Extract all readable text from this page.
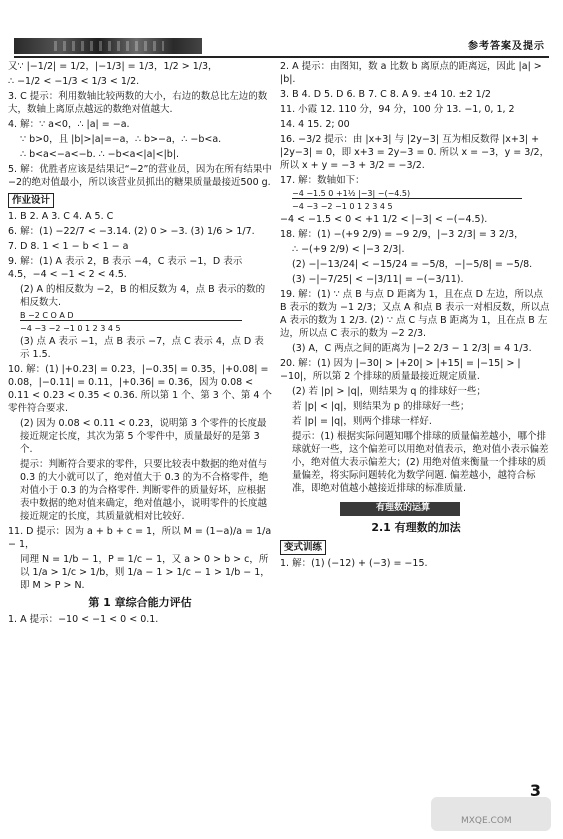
参考答案及提示

又∵ |−1/2| = 1/2，|−1/3| = 1/3，1/2 > 1/3，

∴ −1/2 < −1/3 < 1/3 < 1/2.

3. C 提示：利用数轴比较两数的大小，右边的数总比左边的数大，数轴上离原点越远的数绝对值越大.

4. 解：∵ a<0，∴ |a| = −a.

∵ b>0，且 |b|>|a|=−a，∴ b>−a，∴ −b<a.

∴ b<a<−a<−b. ∴ −b<a<|a|<|b|.

5. 解：优胜者应该是结果记“−2”的营业员，因为在所有结果中−2的绝对值最小，所以该营业员抓出的糖果质量最接近500 g.

作业设计

1. B 2. A 3. C 4. A 5. C

6. 解：(1) −22/7 < −3.14. (2) 0 > −3. (3) 1/6 > 1/7.

7. D 8. 1 < 1 − b < 1 − a

9. 解：(1) A 表示 2，B 表示 −4，C 表示 −1，D 表示 4.5，−4 < −1 < 2 < 4.5.

(2) A 的相反数为 −2，B 的相反数为 4，点 B 表示的数的相反数大.

B −2 C O A D
−4 −3 −2 −1 0 1 2 3 4 5

(3) 点 A 表示 −1，点 B 表示 −7，点 C 表示 4，点 D 表示 1.5.

10. 解：(1) |+0.23| = 0.23，|−0.35| = 0.35，|+0.08| = 0.08，|−0.11| = 0.11，|+0.36| = 0.36，因为 0.08 < 0.11 < 0.23 < 0.35 < 0.36. 所以第 1 个、第 3 个、第 4 个零件符合要求.

(2) 因为 0.08 < 0.11 < 0.23，说明第 3 个零件的长度最接近规定长度，其次为第 5 个零件中，质量最好的是第 3 个.

提示：判断符合要求的零件，只要比较表中数据的绝对值与 0.3 的大小就可以了，绝对值大于 0.3 的为不合格零件，绝对值小于 0.3 的为合格零件. 判断零件的质量好坏，应根据表中数据的绝对值来确定，绝对值越小，说明零件的长度越接近规定的长度，其质量就相对比较好.

11. D 提示：因为 a + b + c = 1，所以 M = (1−a)/a = 1/a − 1，

同理 N = 1/b − 1，P = 1/c − 1，又 a > 0 > b > c，所以 1/a > 1/c > 1/b，则 1/a − 1 > 1/c − 1 > 1/b − 1，即 M > P > N.

第 1 章综合能力评估

1. A 提示：−10 < −1 < 0 < 0.1.

2. A 提示：由图知，数 a 比数 b 离原点的距离远，因此 |a| > |b|.

3. B 4. D 5. D 6. B 7. C 8. A 9. ±4 10. ±2 1/2

11. 小霞 12. 110 分，94 分，100 分 13. −1, 0, 1, 2

14. 4 15. 2; 00

16. −3/2 提示：由 |x+3| 与 |2y−3| 互为相反数得 |x+3| + |2y−3| = 0，即 x+3 = 2y−3 = 0. 所以 x = −3，y = 3/2，所以 x + y = −3 + 3/2 = −3/2.

17. 解：数轴如下：

−4 −1.5 0 +1½ |−3| −(−4.5)
−4 −3 −2 −1 0 1 2 3 4 5

−4 < −1.5 < 0 < +1 1/2 < |−3| < −(−4.5).

18. 解：(1) −(+9 2/9) = −9 2/9，|−3 2/3| = 3 2/3，

∴ −(+9 2/9) < |−3 2/3|.

(2) −|−13/24| < −15/24 = −5/8，−|−5/8| = −5/8.

(3) −|−7/25| < −|3/11| = −(−3/11).

19. 解：(1) ∵ 点 B 与点 D 距离为 1，且在点 D 左边，所以点 B 表示的数为 −1 2/3；又点 A 和点 B 表示一对相反数，所以点 A 表示的数为 1 2/3. (2) ∵ 点 C 与点 B 距离为 1，且在点 B 左边，所以点 C 表示的数为 −2 2/3.

(3) A，C 两点之间的距离为 |−2 2/3 − 1 2/3| = 4 1/3.

20. 解：(1) 因为 |−30| > |+20| > |+15| = |−15| > |−10|，所以第 2 个排球的质量最接近规定质量.

(2) 若 |p| > |q|，则结果为 q 的排球好一些；

若 |p| < |q|，则结果为 p 的排球好一些；

若 |p| = |q|，则两个排球一样好.

提示：(1) 根据实际问题知哪个排球的质量偏差越小，哪个排球就好一些，这个偏差可以用绝对值表示，绝对值小表示偏差小，绝对值大表示偏差大；(2) 用绝对值来衡量一个排球的质量偏差，将实际问题转化为数学问题. 偏差越小，越符合标准，即绝对值越小越接近排球的标准质量.

有理数的运算
2.1 有理数的加法
变式训练

1. 解：(1) (−12) + (−3) = −15.

3
MXQE.COM
